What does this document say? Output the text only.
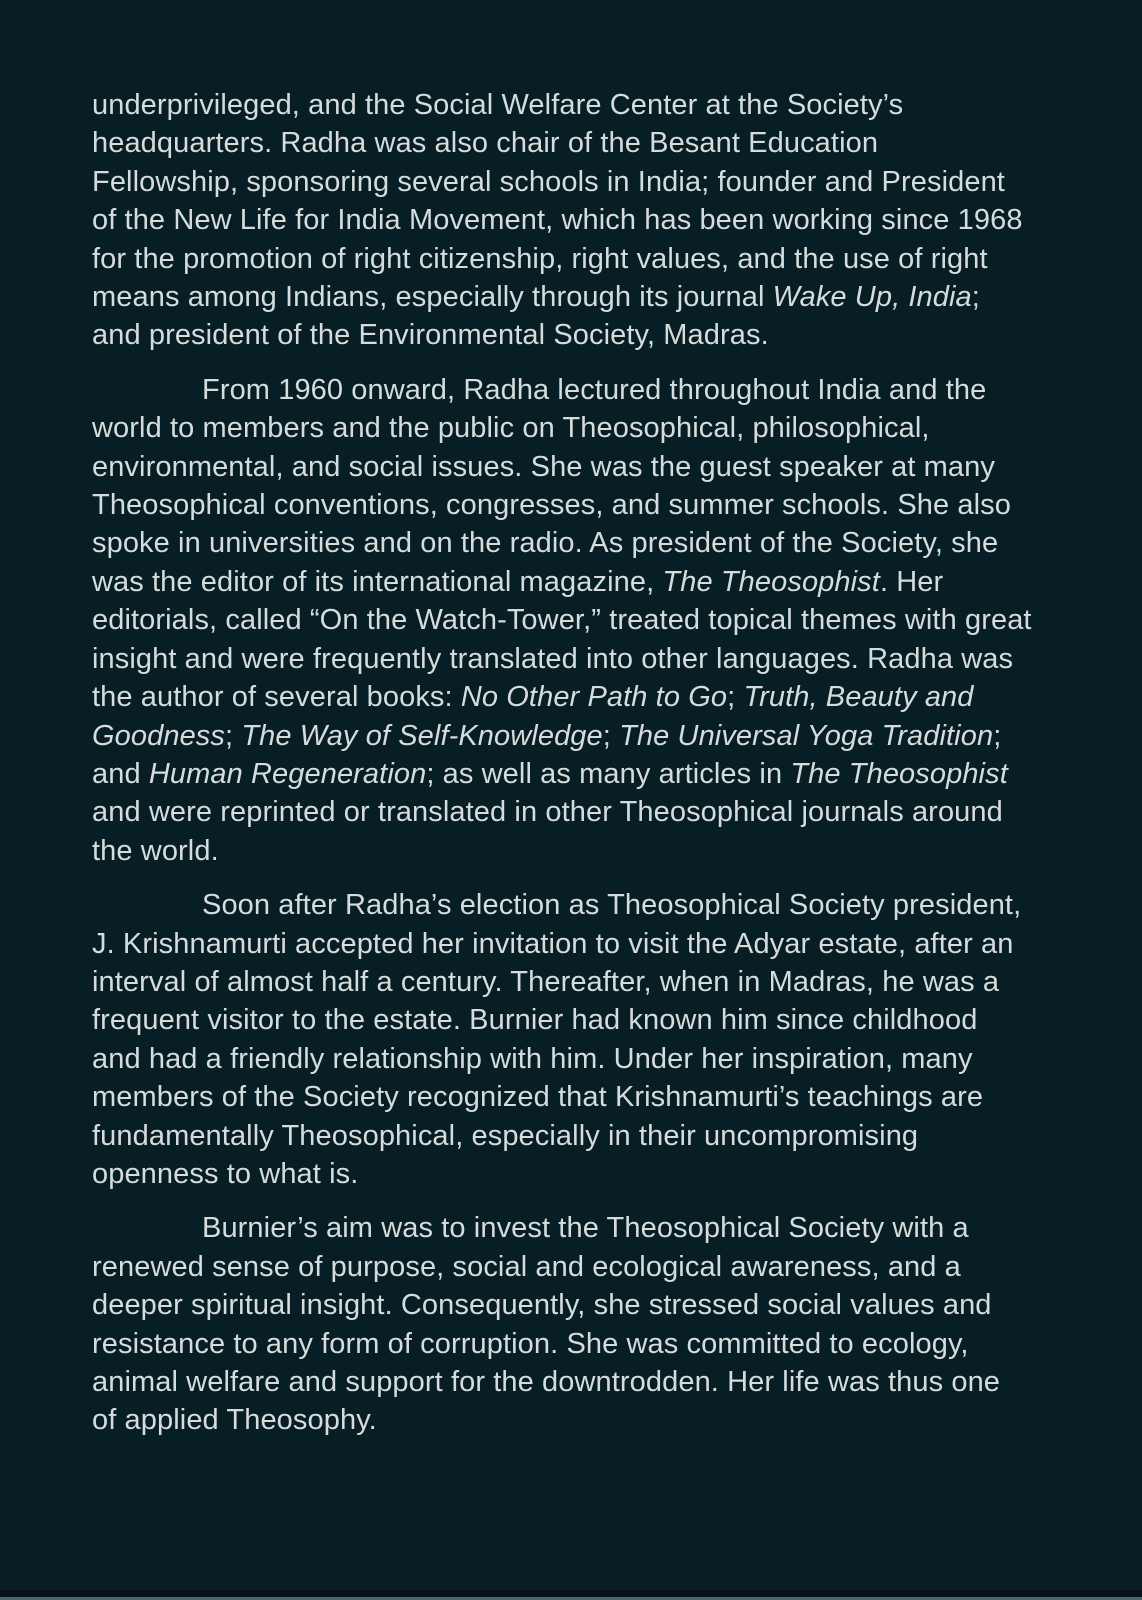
underprivileged, and the Social Welfare Center at the Society’s headquarters. Radha was also chair of the Besant Education Fellowship, sponsoring several schools in India; founder and President of the New Life for India Movement, which has been working since 1968 for the promotion of right citizenship, right values, and the use of right means among Indians, especially through its journal Wake Up, India; and president of the Environmental Society, Madras.

From 1960 onward, Radha lectured throughout India and the world to members and the public on Theosophical, philosophical, environmental, and social issues. She was the guest speaker at many Theosophical conventions, congresses, and summer schools. She also spoke in universities and on the radio. As president of the Society, she was the editor of its international magazine, The Theosophist. Her editorials, called “On the Watch-Tower,” treated topical themes with great insight and were frequently translated into other languages. Radha was the author of several books: No Other Path to Go; Truth, Beauty and Goodness; The Way of Self-Knowledge; The Universal Yoga Tradition; and Human Regeneration; as well as many articles in The Theosophist and were reprinted or translated in other Theosophical journals around the world.

Soon after Radha’s election as Theosophical Society president, J. Krishnamurti accepted her invitation to visit the Adyar estate, after an interval of almost half a century. Thereafter, when in Madras, he was a frequent visitor to the estate. Burnier had known him since childhood and had a friendly relationship with him. Under her inspiration, many members of the Society recognized that Krishnamurti’s teachings are fundamentally Theosophical, especially in their uncompromising openness to what is.

Burnier’s aim was to invest the Theosophical Society with a renewed sense of purpose, social and ecological awareness, and a deeper spiritual insight. Consequently, she stressed social values and resistance to any form of corruption. She was committed to ecology, animal welfare and support for the downtrodden. Her life was thus one of applied Theosophy.
